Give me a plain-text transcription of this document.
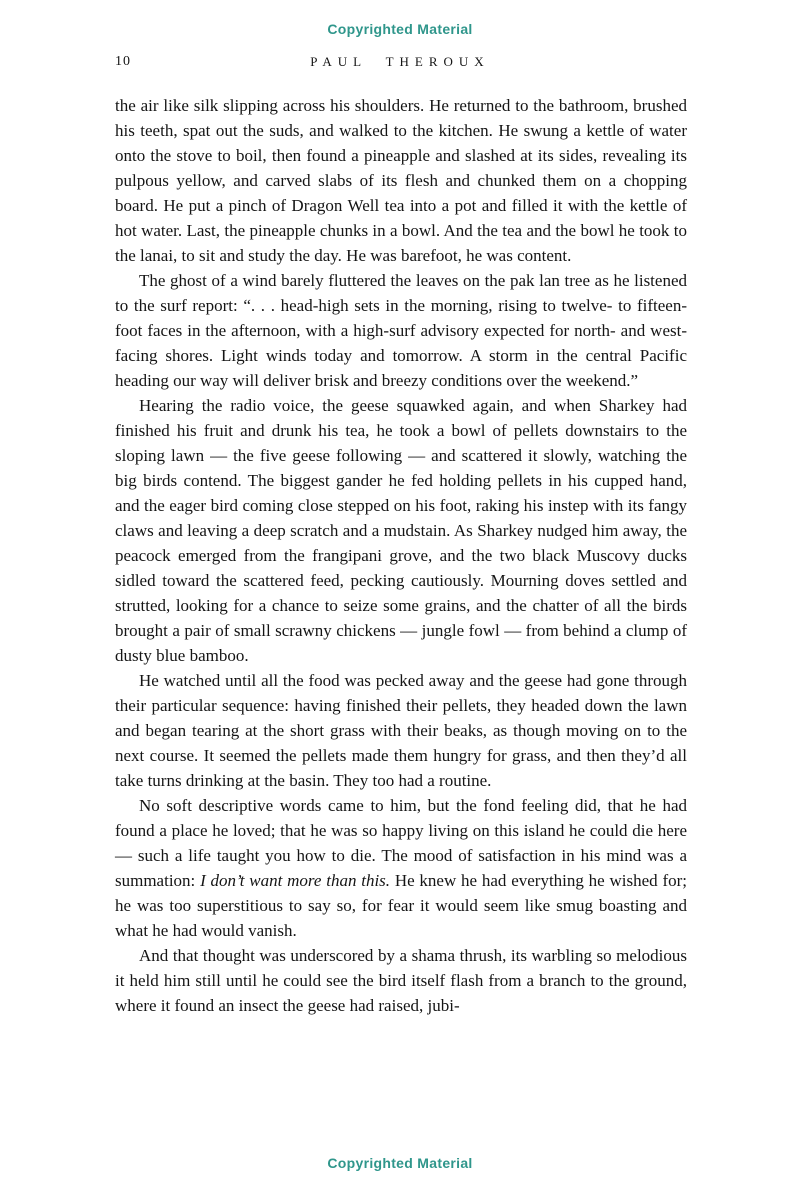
Copyrighted Material
10	PAUL THEROUX

the air like silk slipping across his shoulders. He returned to the bathroom, brushed his teeth, spat out the suds, and walked to the kitchen. He swung a kettle of water onto the stove to boil, then found a pineapple and slashed at its sides, revealing its pulpous yellow, and carved slabs of its flesh and chunked them on a chopping board. He put a pinch of Dragon Well tea into a pot and filled it with the kettle of hot water. Last, the pineapple chunks in a bowl. And the tea and the bowl he took to the lanai, to sit and study the day. He was barefoot, he was content.

The ghost of a wind barely fluttered the leaves on the pak lan tree as he listened to the surf report: “. . . head-high sets in the morning, rising to twelve- to fifteen-foot faces in the afternoon, with a high-surf advisory expected for north- and west-facing shores. Light winds today and tomorrow. A storm in the central Pacific heading our way will deliver brisk and breezy conditions over the weekend.”

Hearing the radio voice, the geese squawked again, and when Sharkey had finished his fruit and drunk his tea, he took a bowl of pellets downstairs to the sloping lawn — the five geese following — and scattered it slowly, watching the big birds contend. The biggest gander he fed holding pellets in his cupped hand, and the eager bird coming close stepped on his foot, raking his instep with its fangy claws and leaving a deep scratch and a mudstain. As Sharkey nudged him away, the peacock emerged from the frangipani grove, and the two black Muscovy ducks sidled toward the scattered feed, pecking cautiously. Mourning doves settled and strutted, looking for a chance to seize some grains, and the chatter of all the birds brought a pair of small scrawny chickens — jungle fowl — from behind a clump of dusty blue bamboo.

He watched until all the food was pecked away and the geese had gone through their particular sequence: having finished their pellets, they headed down the lawn and began tearing at the short grass with their beaks, as though moving on to the next course. It seemed the pellets made them hungry for grass, and then they’d all take turns drinking at the basin. They too had a routine.

No soft descriptive words came to him, but the fond feeling did, that he had found a place he loved; that he was so happy living on this island he could die here — such a life taught you how to die. The mood of satisfaction in his mind was a summation: I don’t want more than this. He knew he had everything he wished for; he was too superstitious to say so, for fear it would seem like smug boasting and what he had would vanish.

And that thought was underscored by a shama thrush, its warbling so melodious it held him still until he could see the bird itself flash from a branch to the ground, where it found an insect the geese had raised, jubi-

Copyrighted Material
